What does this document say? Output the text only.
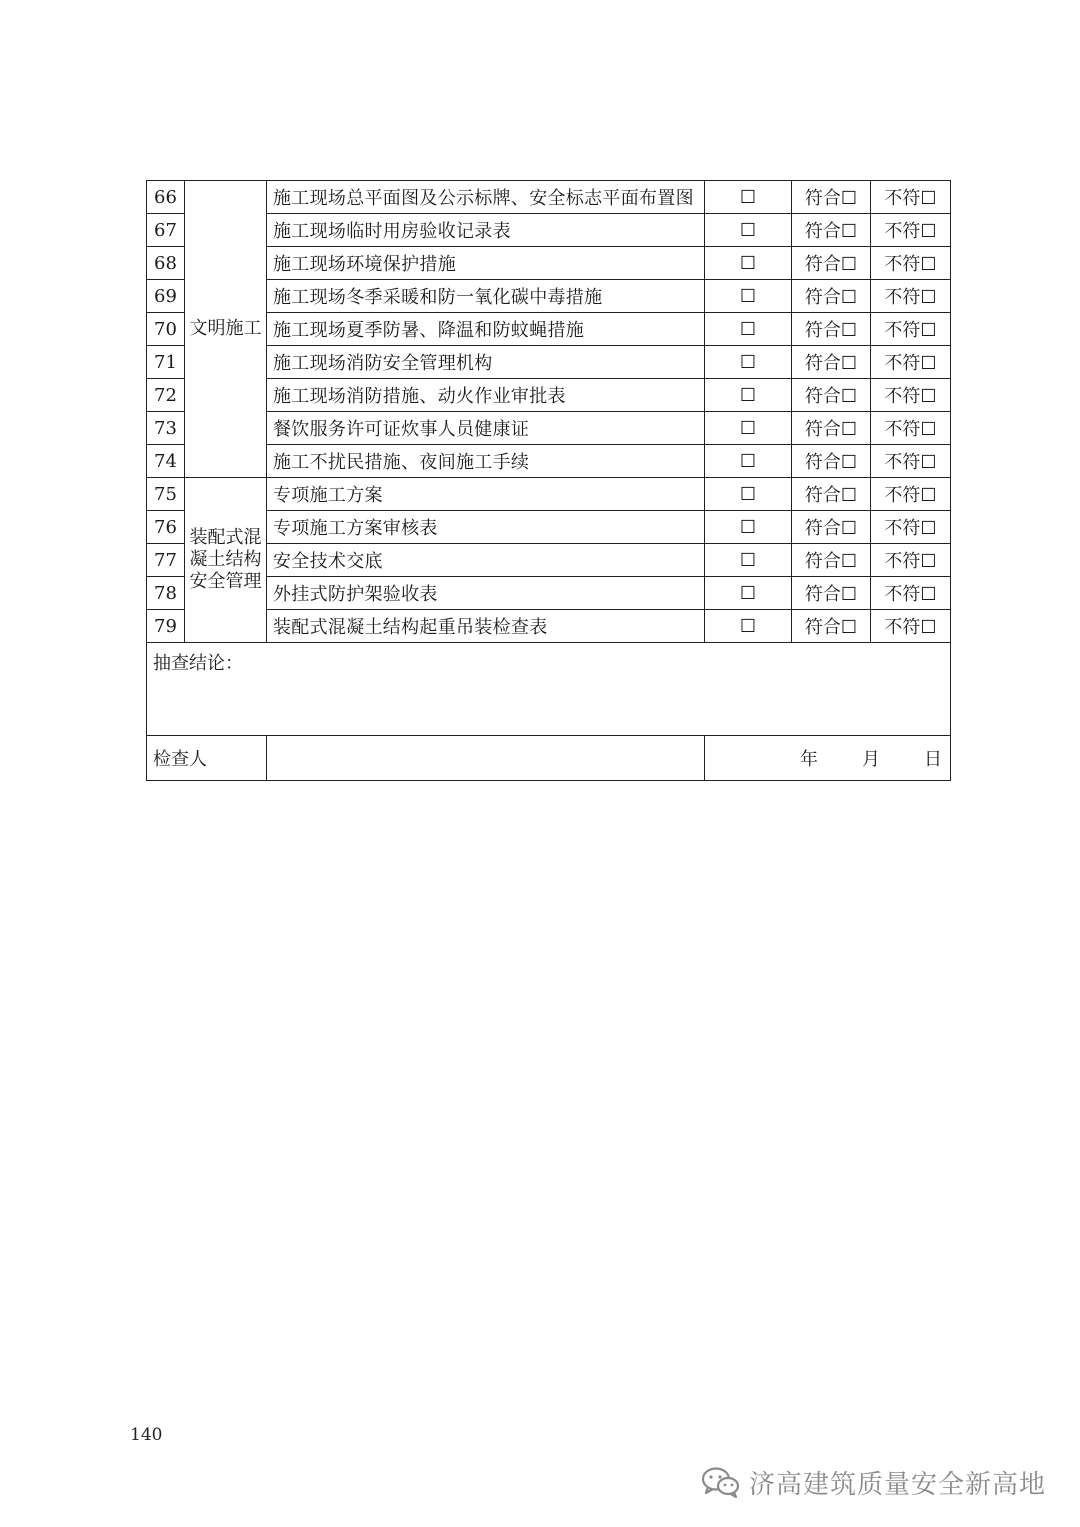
66	文明施工	施工现场总平面图及公示标牌、安全标志平面布置图	☐	符合☐	不符☐
67		施工现场临时用房验收记录表	☐	符合☐	不符☐
68		施工现场环境保护措施	☐	符合☐	不符☐
69		施工现场冬季采暖和防一氧化碳中毒措施	☐	符合☐	不符☐
70		施工现场夏季防暑、降温和防蚊蝇措施	☐	符合☐	不符☐
71		施工现场消防安全管理机构	☐	符合☐	不符☐
72		施工现场消防措施、动火作业审批表	☐	符合☐	不符☐
73		餐饮服务许可证炊事人员健康证	☐	符合☐	不符☐
74		施工不扰民措施、夜间施工手续	☐	符合☐	不符☐
75	装配式混凝土结构安全管理	专项施工方案	☐	符合☐	不符☐
76		专项施工方案审核表	☐	符合☐	不符☐
77		安全技术交底	☐	符合☐	不符☐
78		外挂式防护架验收表	☐	符合☐	不符☐
79		装配式混凝土结构起重吊装检查表	☐	符合☐	不符☐
抽查结论：					
检查人			年 月 日		
140
济高建筑质量安全新高地
